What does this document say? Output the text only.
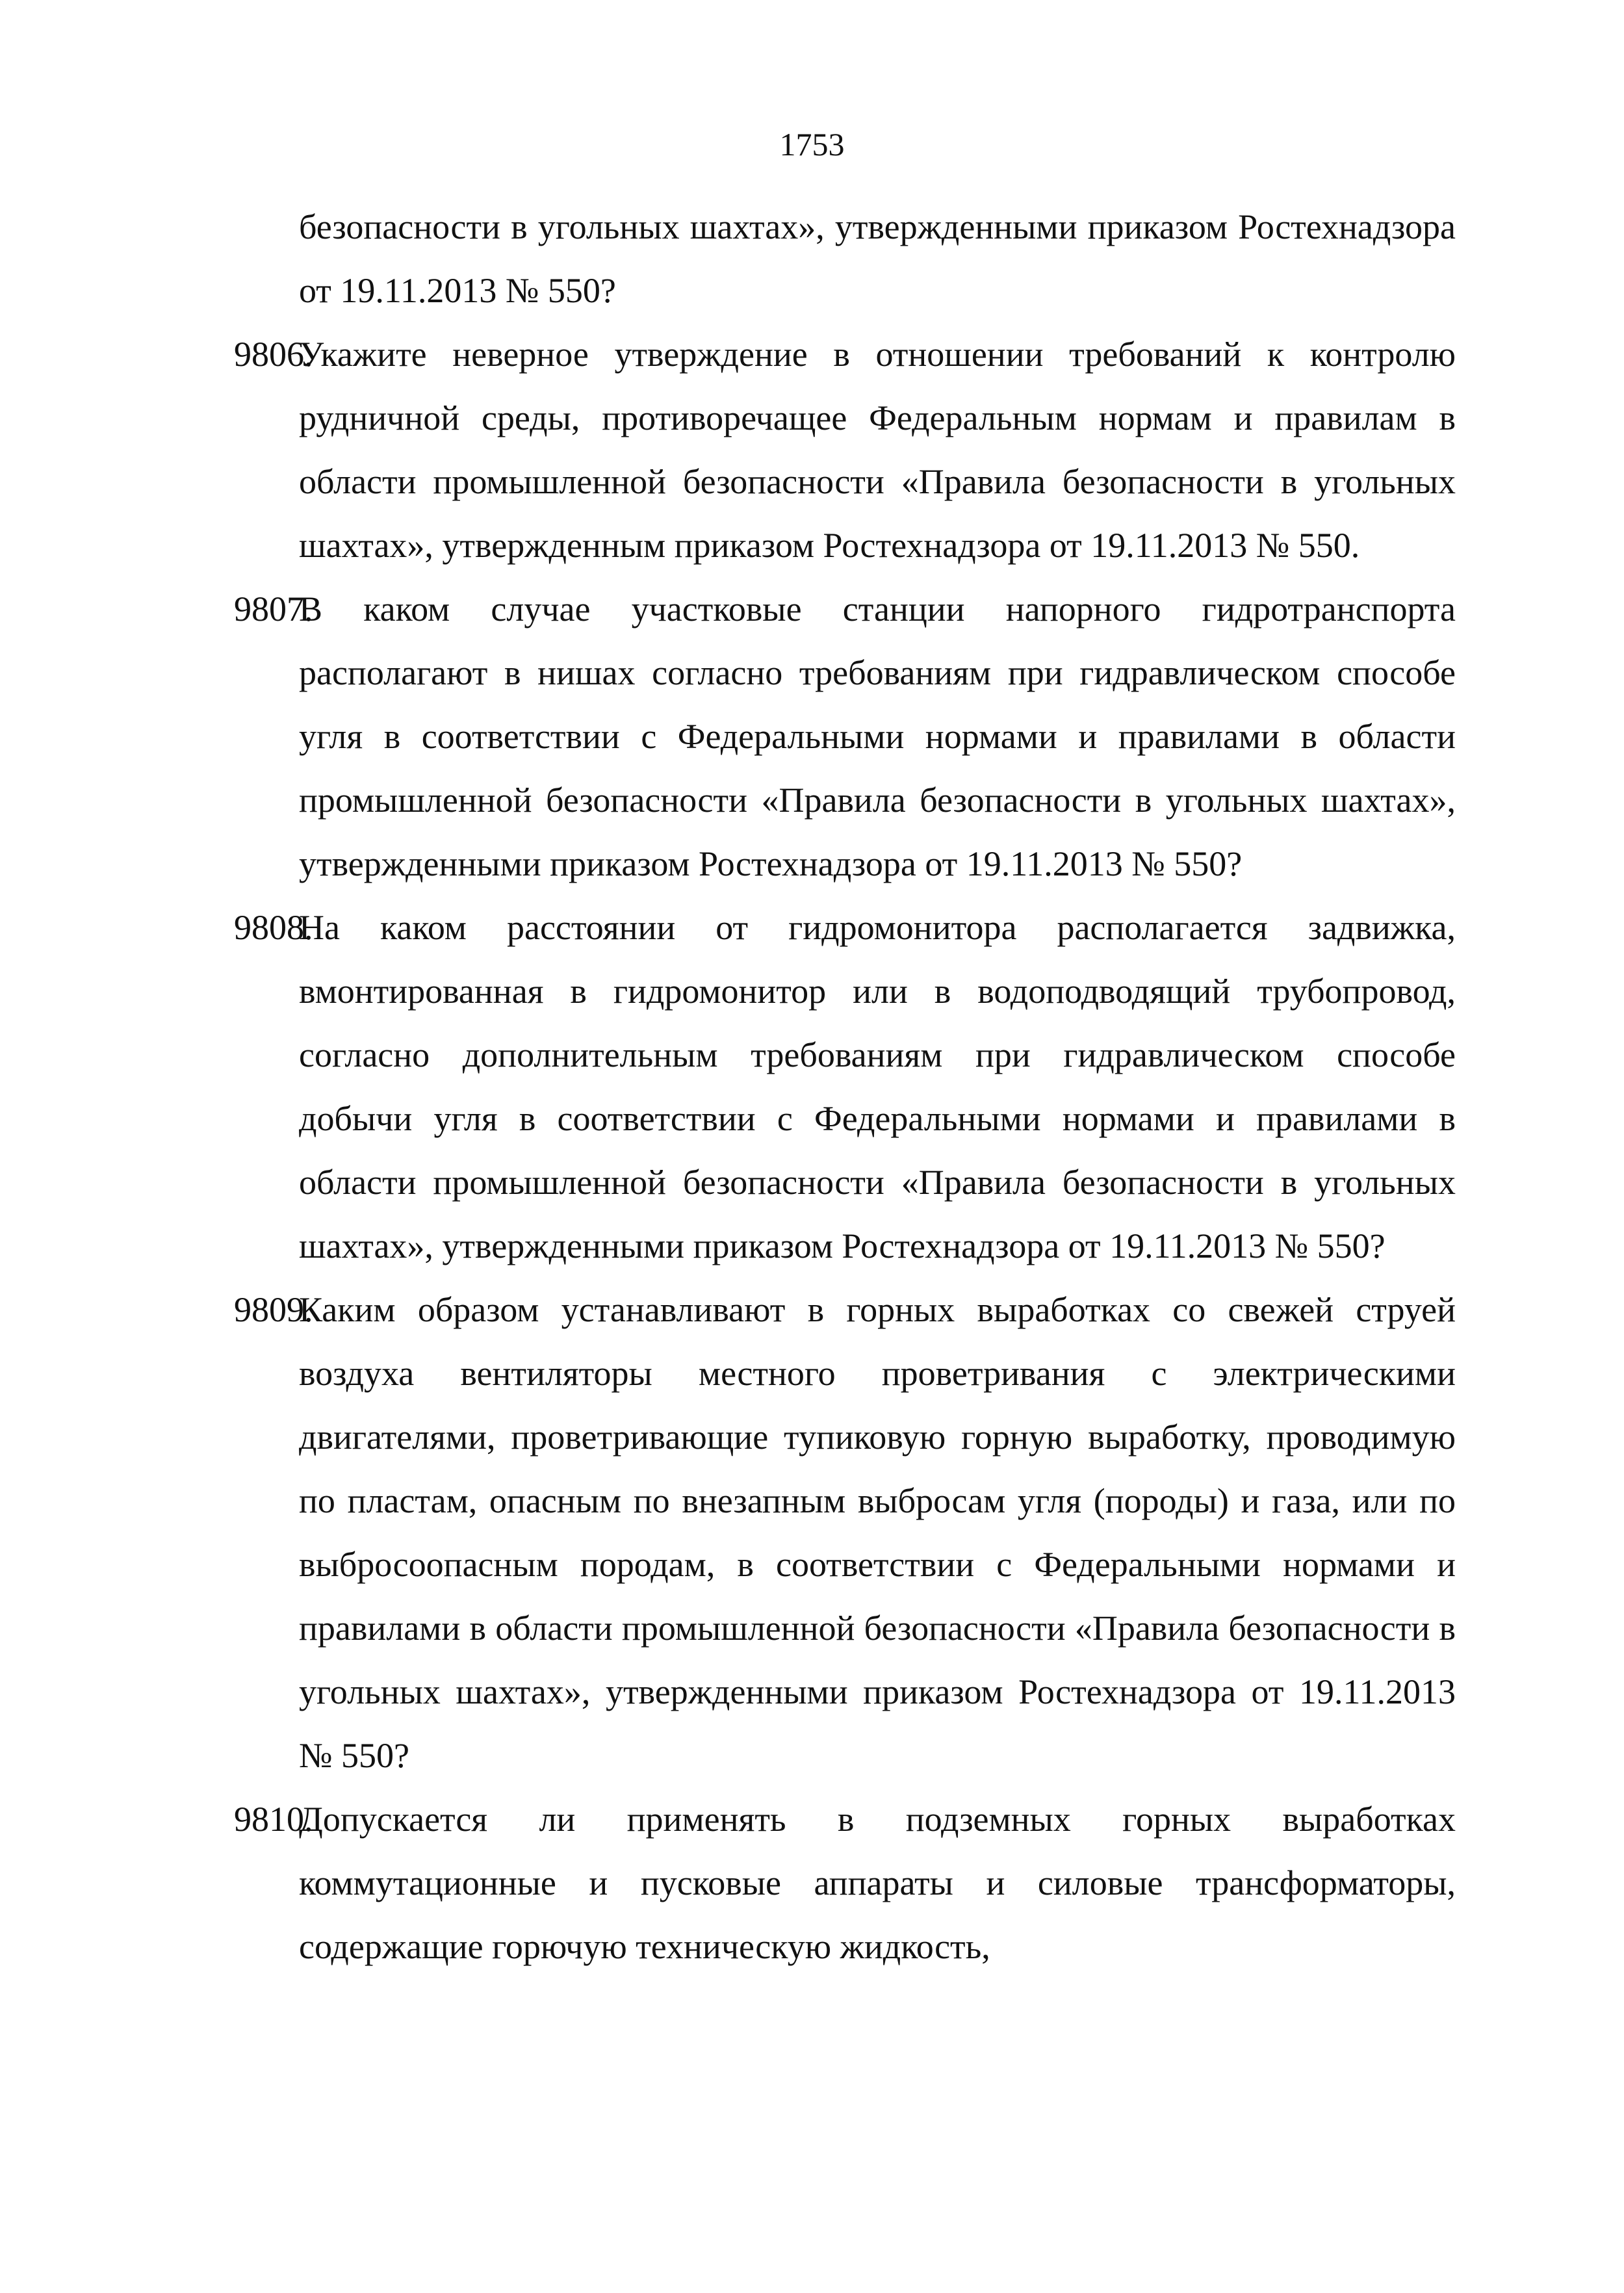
1753
безопасности в угольных шахтах», утвержденными приказом Ростехнадзора от 19.11.2013 № 550?
9806.
Укажите неверное утверждение в отношении требований к контролю рудничной среды, противоречащее Федеральным нормам и правилам в области промышленной безопасности «Правила безопасности в угольных шахтах», утвержденным приказом Ростехнадзора от 19.11.2013 № 550.
9807.
В каком случае участковые станции напорного гидротранспорта располагают в нишах согласно требованиям при гидравлическом способе угля в соответствии с Федеральными нормами и правилами в области промышленной безопасности «Правила безопасности в угольных шахтах», утвержденными приказом Ростехнадзора от 19.11.2013 № 550?
9808.
На каком расстоянии от гидромонитора располагается задвижка, вмонтированная в гидромонитор или в водоподводящий трубопровод, согласно дополнительным требованиям при гидравлическом способе добычи угля в соответствии с Федеральными нормами и правилами в области промышленной безопасности «Правила безопасности в угольных шахтах», утвержденными приказом Ростехнадзора от 19.11.2013 № 550?
9809.
Каким образом устанавливают в горных выработках со свежей струей воздуха вентиляторы местного проветривания с электрическими двигателями, проветривающие тупиковую горную выработку, проводимую по пластам, опасным по внезапным выбросам угля (породы) и газа, или по выбросоопасным породам, в соответствии с Федеральными нормами и правилами в области промышленной безопасности «Правила безопасности в угольных шахтах», утвержденными приказом Ростехнадзора от 19.11.2013 № 550?
9810.
Допускается ли применять в подземных горных выработках коммутационные и пусковые аппараты и силовые трансформаторы, содержащие горючую техническую жидкость,
